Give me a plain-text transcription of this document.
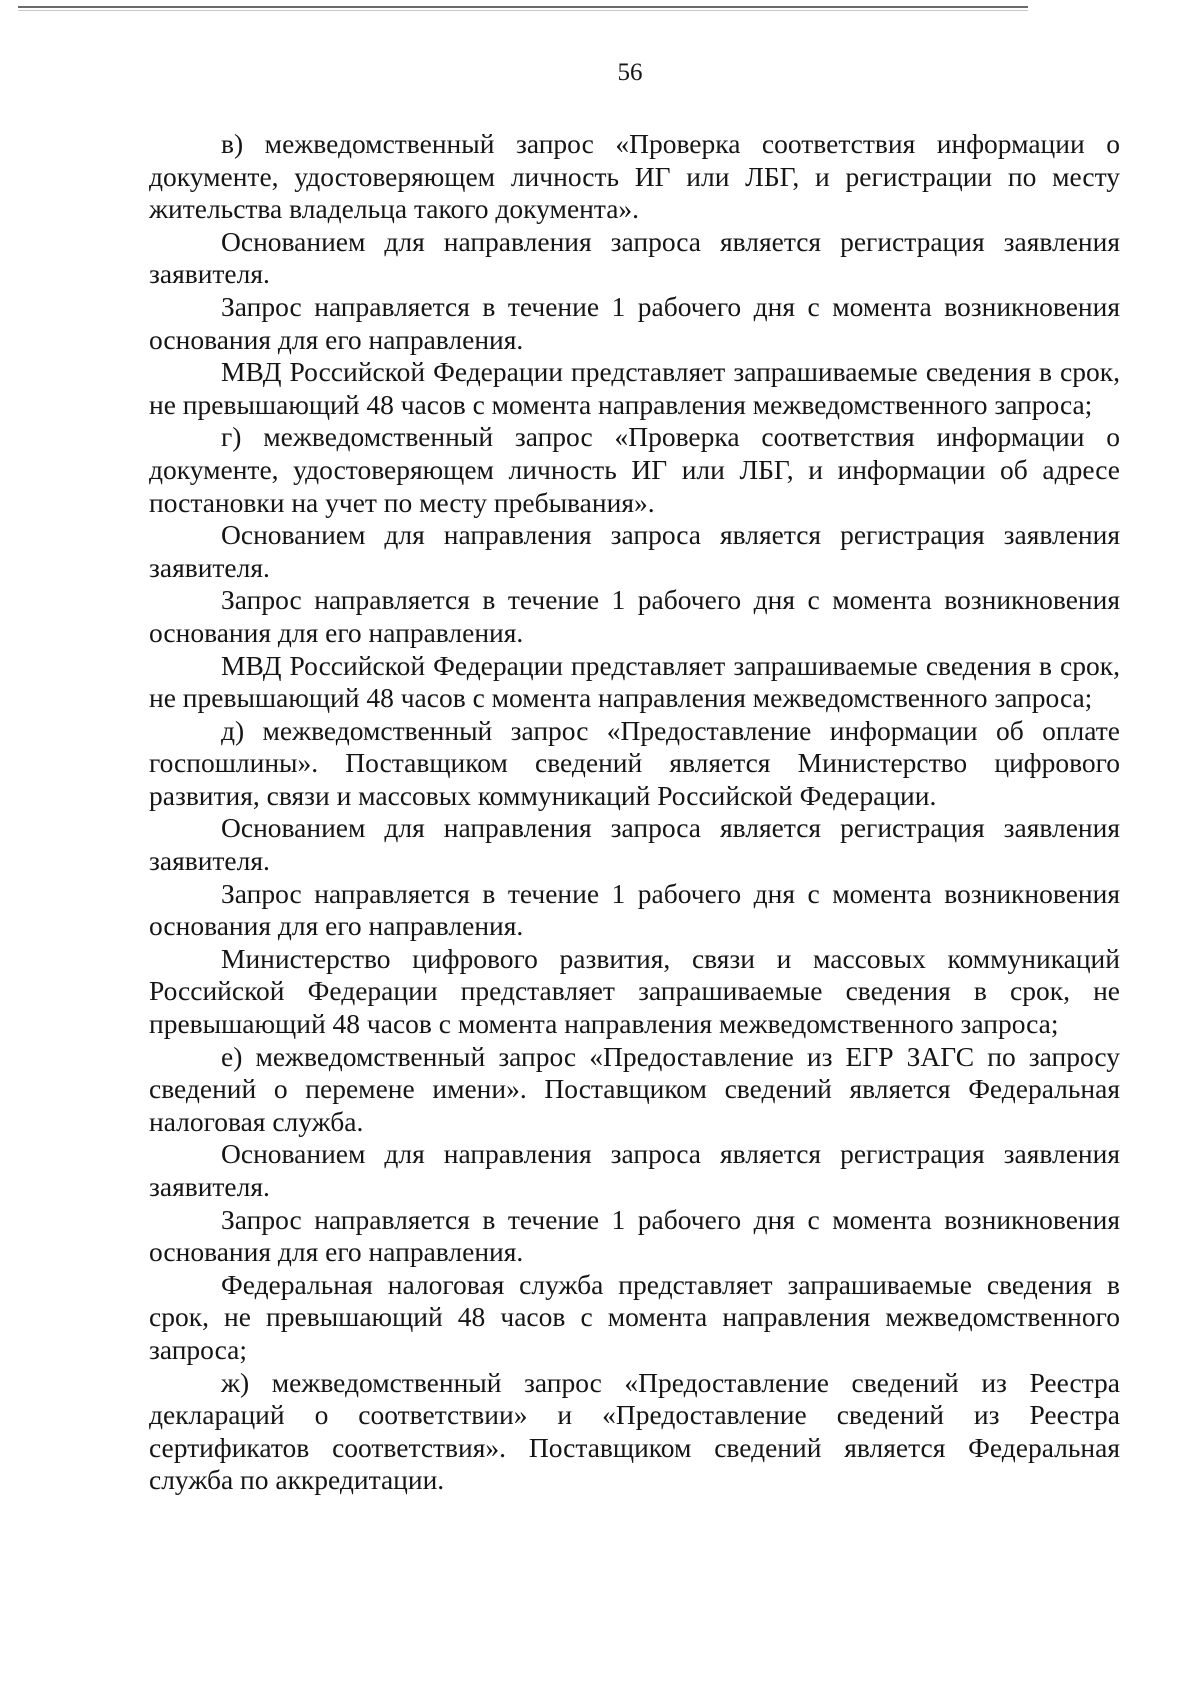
56

в) межведомственный запрос «Проверка соответствия информации о документе, удостоверяющем личность ИГ или ЛБГ, и регистрации по месту жительства владельца такого документа».

Основанием для направления запроса является регистрация заявления заявителя.

Запрос направляется в течение 1 рабочего дня с момента возникновения основания для его направления.

МВД Российской Федерации представляет запрашиваемые сведения в срок, не превышающий 48 часов с момента направления межведомственного запроса;

г) межведомственный запрос «Проверка соответствия информации о документе, удостоверяющем личность ИГ или ЛБГ, и информации об адресе постановки на учет по месту пребывания».

Основанием для направления запроса является регистрация заявления заявителя.

Запрос направляется в течение 1 рабочего дня с момента возникновения основания для его направления.

МВД Российской Федерации представляет запрашиваемые сведения в срок, не превышающий 48 часов с момента направления межведомственного запроса;

д) межведомственный запрос «Предоставление информации об оплате госпошлины». Поставщиком сведений является Министерство цифрового развития, связи и массовых коммуникаций Российской Федерации.

Основанием для направления запроса является регистрация заявления заявителя.

Запрос направляется в течение 1 рабочего дня с момента возникновения основания для его направления.

Министерство цифрового развития, связи и массовых коммуникаций Российской Федерации представляет запрашиваемые сведения в срок, не превышающий 48 часов с момента направления межведомственного запроса;

е) межведомственный запрос «Предоставление из ЕГР ЗАГС по запросу сведений о перемене имени». Поставщиком сведений является Федеральная налоговая служба.

Основанием для направления запроса является регистрация заявления заявителя.

Запрос направляется в течение 1 рабочего дня с момента возникновения основания для его направления.

Федеральная налоговая служба представляет запрашиваемые сведения в срок, не превышающий 48 часов с момента направления межведомственного запроса;

ж) межведомственный запрос «Предоставление сведений из Реестра деклараций о соответствии» и «Предоставление сведений из Реестра сертификатов соответствия». Поставщиком сведений является Федеральная служба по аккредитации.
